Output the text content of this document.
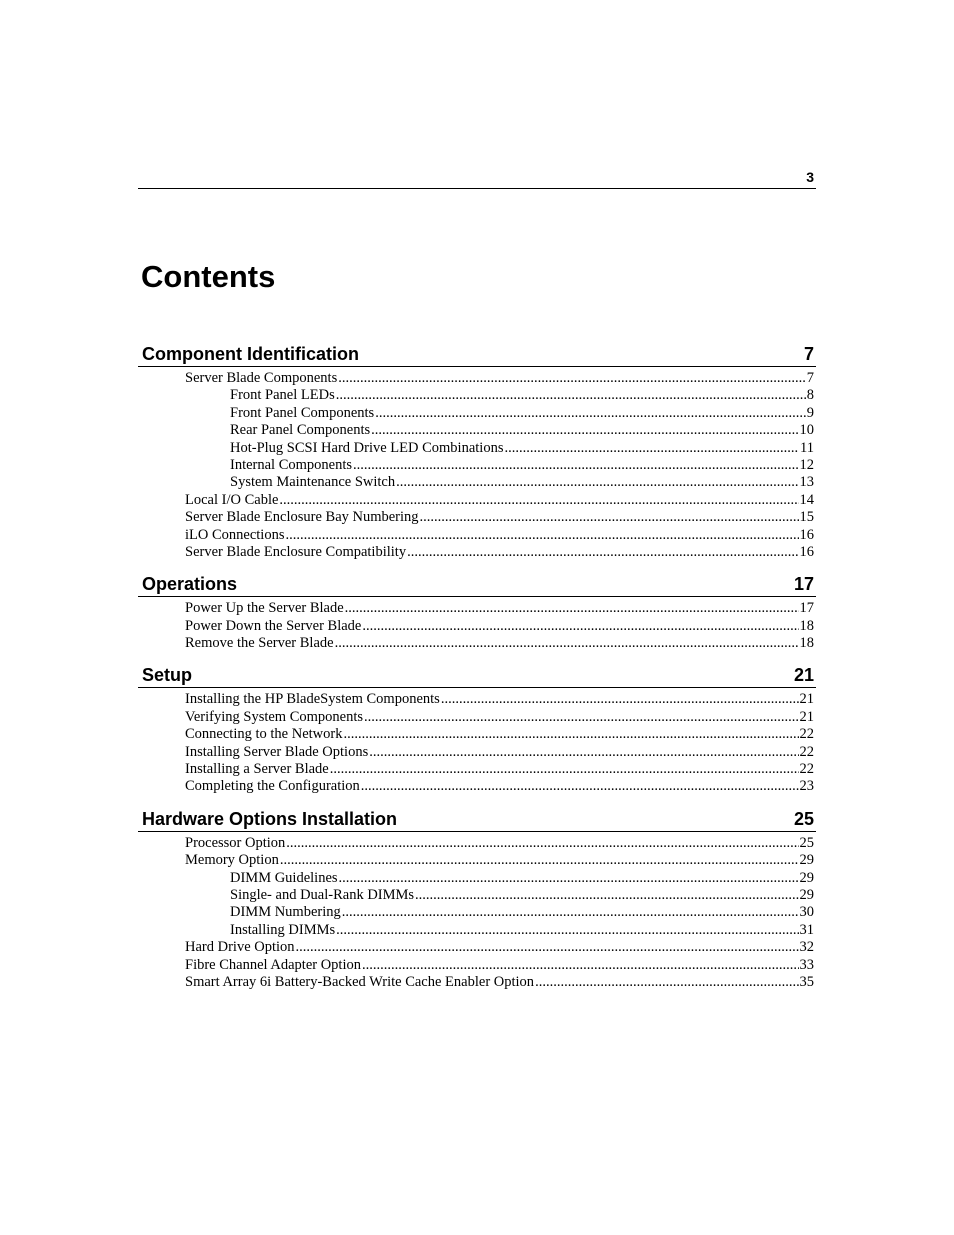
3
Contents
Component Identification	7
Server Blade Components .....	7
Front Panel LEDs .....	8
Front Panel Components .....	9
Rear Panel Components .....	10
Hot-Plug SCSI Hard Drive LED Combinations .....	11
Internal Components .....	12
System Maintenance Switch .....	13
Local I/O Cable .....	14
Server Blade Enclosure Bay Numbering .....	15
iLO Connections .....	16
Server Blade Enclosure Compatibility .....	16
Operations	17
Power Up the Server Blade .....	17
Power Down the Server Blade .....	18
Remove the Server Blade .....	18
Setup	21
Installing the HP BladeSystem Components .....	21
Verifying System Components .....	21
Connecting to the Network .....	22
Installing Server Blade Options .....	22
Installing a Server Blade .....	22
Completing the Configuration .....	23
Hardware Options Installation	25
Processor Option .....	25
Memory Option .....	29
DIMM Guidelines .....	29
Single- and Dual-Rank DIMMs .....	29
DIMM Numbering .....	30
Installing DIMMs .....	31
Hard Drive Option .....	32
Fibre Channel Adapter Option .....	33
Smart Array 6i Battery-Backed Write Cache Enabler Option .....	35
